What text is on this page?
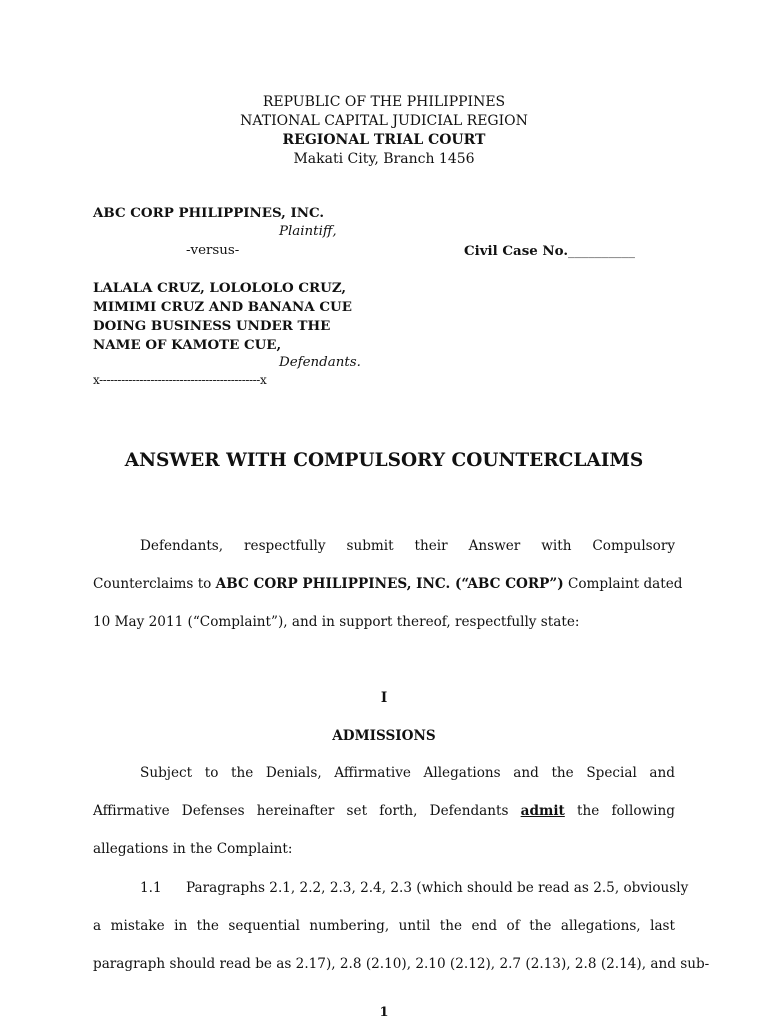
REPUBLIC OF THE PHILIPPINES
NATIONAL CAPITAL JUDICIAL REGION
REGIONAL TRIAL COURT
Makati City, Branch 1456
ABC CORP PHILIPPINES, INC.
Plaintiff,
-versus-	Civil Case No.__________
LALALA CRUZ, LOLOLOLO CRUZ,
MIMIMI CRUZ AND BANANA CUE
DOING BUSINESS UNDER THE
NAME OF KAMOTE CUE,
Defendants.
x--------------------------------------------x
ANSWER WITH COMPULSORY COUNTERCLAIMS
Defendants, respectfully submit their Answer with Compulsory
Counterclaims to ABC CORP PHILIPPINES, INC. (“ABC CORP”) Complaint dated
10 May 2011 (“Complaint”), and in support thereof, respectfully state:
I
ADMISSIONS
Subject to the Denials, Affirmative Allegations and the Special and
Affirmative Defenses hereinafter set forth, Defendants admit the following
allegations in the Complaint:
1.1 Paragraphs 2.1, 2.2, 2.3, 2.4, 2.3 (which should be read as 2.5, obviously
a mistake in the sequential numbering, until the end of the allegations, last
paragraph should read be as 2.17), 2.8 (2.10), 2.10 (2.12), 2.7 (2.13), 2.8 (2.14), and sub-
1
